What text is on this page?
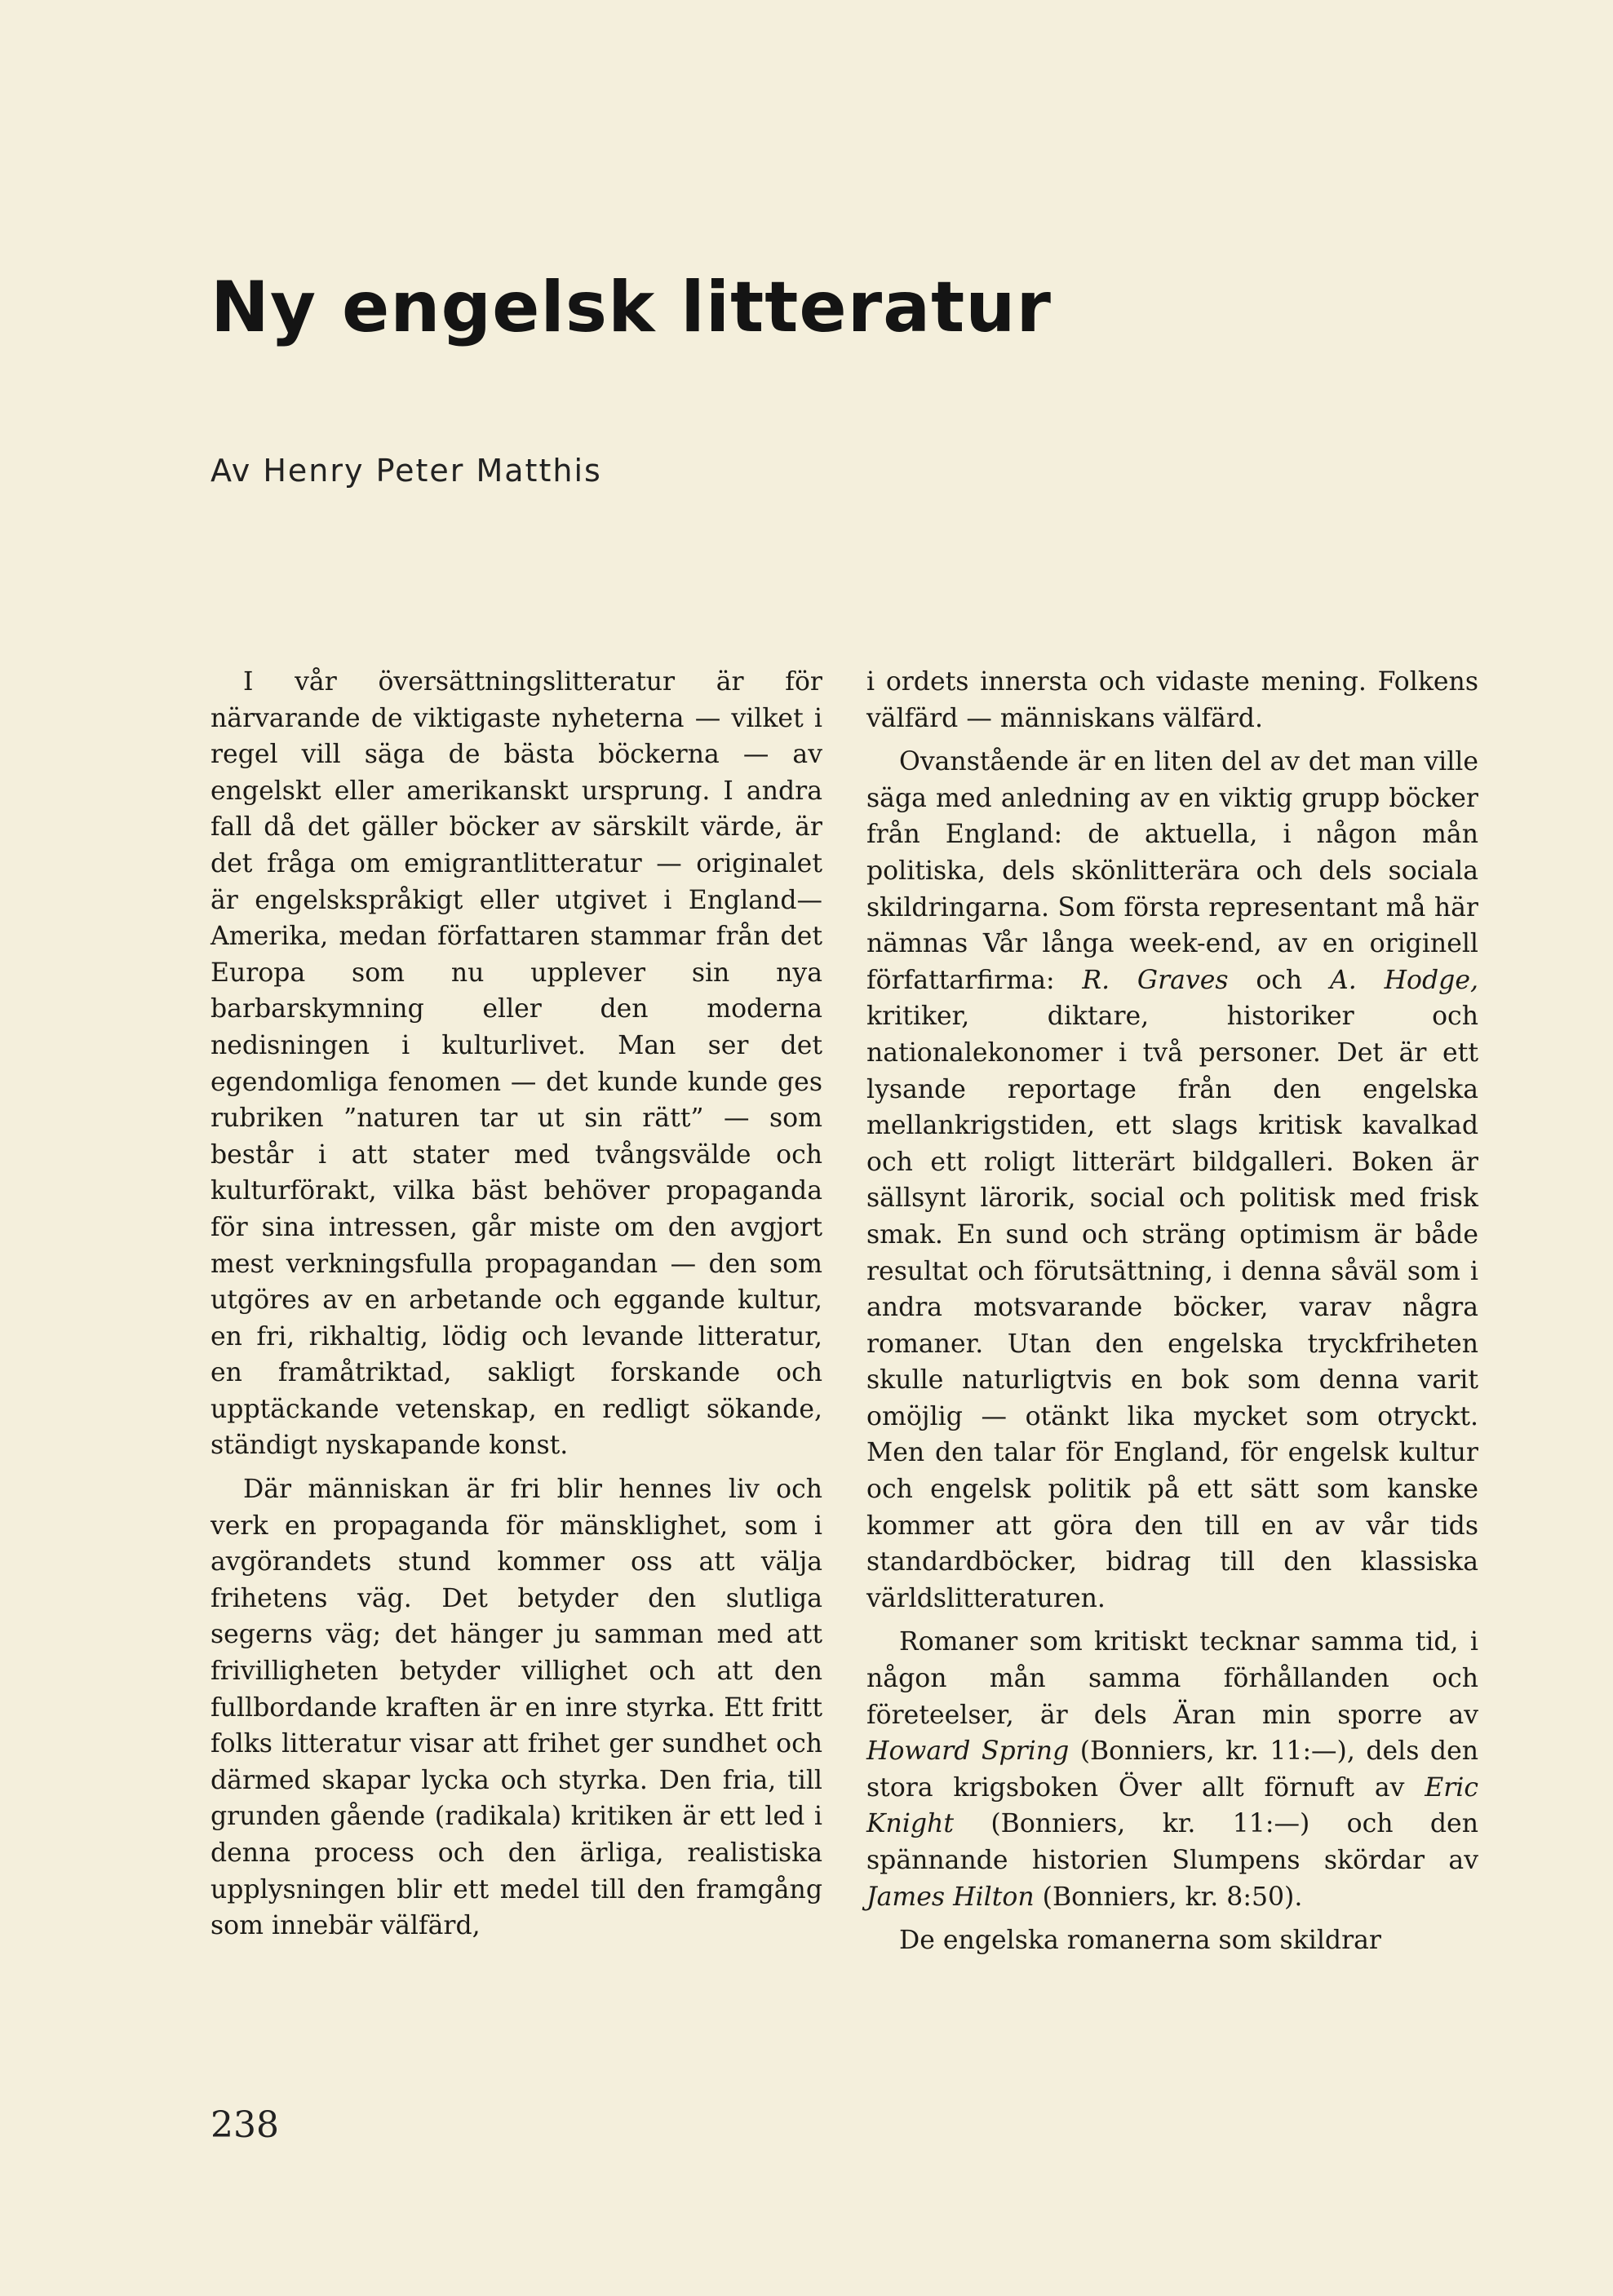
Ny engelsk litteratur

Av Henry Peter Matthis

I vår översättningslitteratur är för närvarande de viktigaste nyheterna — vilket i regel vill säga de bästa böckerna — av engelskt eller amerikanskt ursprung. I andra fall då det gäller böcker av särskilt värde, är det fråga om emigrantlitteratur — originalet är engelskspråkigt eller utgivet i England—Amerika, medan författaren stammar från det Europa som nu upplever sin nya barbarskymning eller den moderna nedisningen i kulturlivet. Man ser det egendomliga fenomen — det kunde kunde ges rubriken ”naturen tar ut sin rätt” — som består i att stater med tvångsvälde och kulturförakt, vilka bäst behöver propaganda för sina intressen, går miste om den avgjort mest verkningsfulla propagandan — den som utgöres av en arbetande och eggande kultur, en fri, rikhaltig, lödig och levande litteratur, en framåtriktad, sakligt forskande och upptäckande vetenskap, en redligt sökande, ständigt nyskapande konst.

Där människan är fri blir hennes liv och verk en propaganda för mänsklighet, som i avgörandets stund kommer oss att välja frihetens väg. Det betyder den slutliga segerns väg; det hänger ju samman med att frivilligheten betyder villighet och att den fullbordande kraften är en inre styrka. Ett fritt folks litteratur visar att frihet ger sundhet och därmed skapar lycka och styrka. Den fria, till grunden gående (radikala) kritiken är ett led i denna process och den ärliga, realistiska upplysningen blir ett medel till den framgång som innebär välfärd,

i ordets innersta och vidaste mening. Folkens välfärd — människans välfärd.

Ovanstående är en liten del av det man ville säga med anledning av en viktig grupp böcker från England: de aktuella, i någon mån politiska, dels skönlitterära och dels sociala skildringarna. Som första representant må här nämnas Vår långa week-end, av en originell författarfirma: R. Graves och A. Hodge, kritiker, diktare, historiker och nationalekonomer i två personer. Det är ett lysande reportage från den engelska mellankrigstiden, ett slags kritisk kavalkad och ett roligt litterärt bildgalleri. Boken är sällsynt lärorik, social och politisk med frisk smak. En sund och sträng optimism är både resultat och förutsättning, i denna såväl som i andra motsvarande böcker, varav några romaner. Utan den engelska tryckfriheten skulle naturligtvis en bok som denna varit omöjlig — otänkt lika mycket som otryckt. Men den talar för England, för engelsk kultur och engelsk politik på ett sätt som kanske kommer att göra den till en av vår tids standardböcker, bidrag till den klassiska världslitteraturen.

Romaner som kritiskt tecknar samma tid, i någon mån samma förhållanden och företeelser, är dels Äran min sporre av Howard Spring (Bonniers, kr. 11:—), dels den stora krigsboken Över allt förnuft av Eric Knight (Bonniers, kr. 11:—) och den spännande historien Slumpens skördar av James Hilton (Bonniers, kr. 8:50).

De engelska romanerna som skildrar

238
